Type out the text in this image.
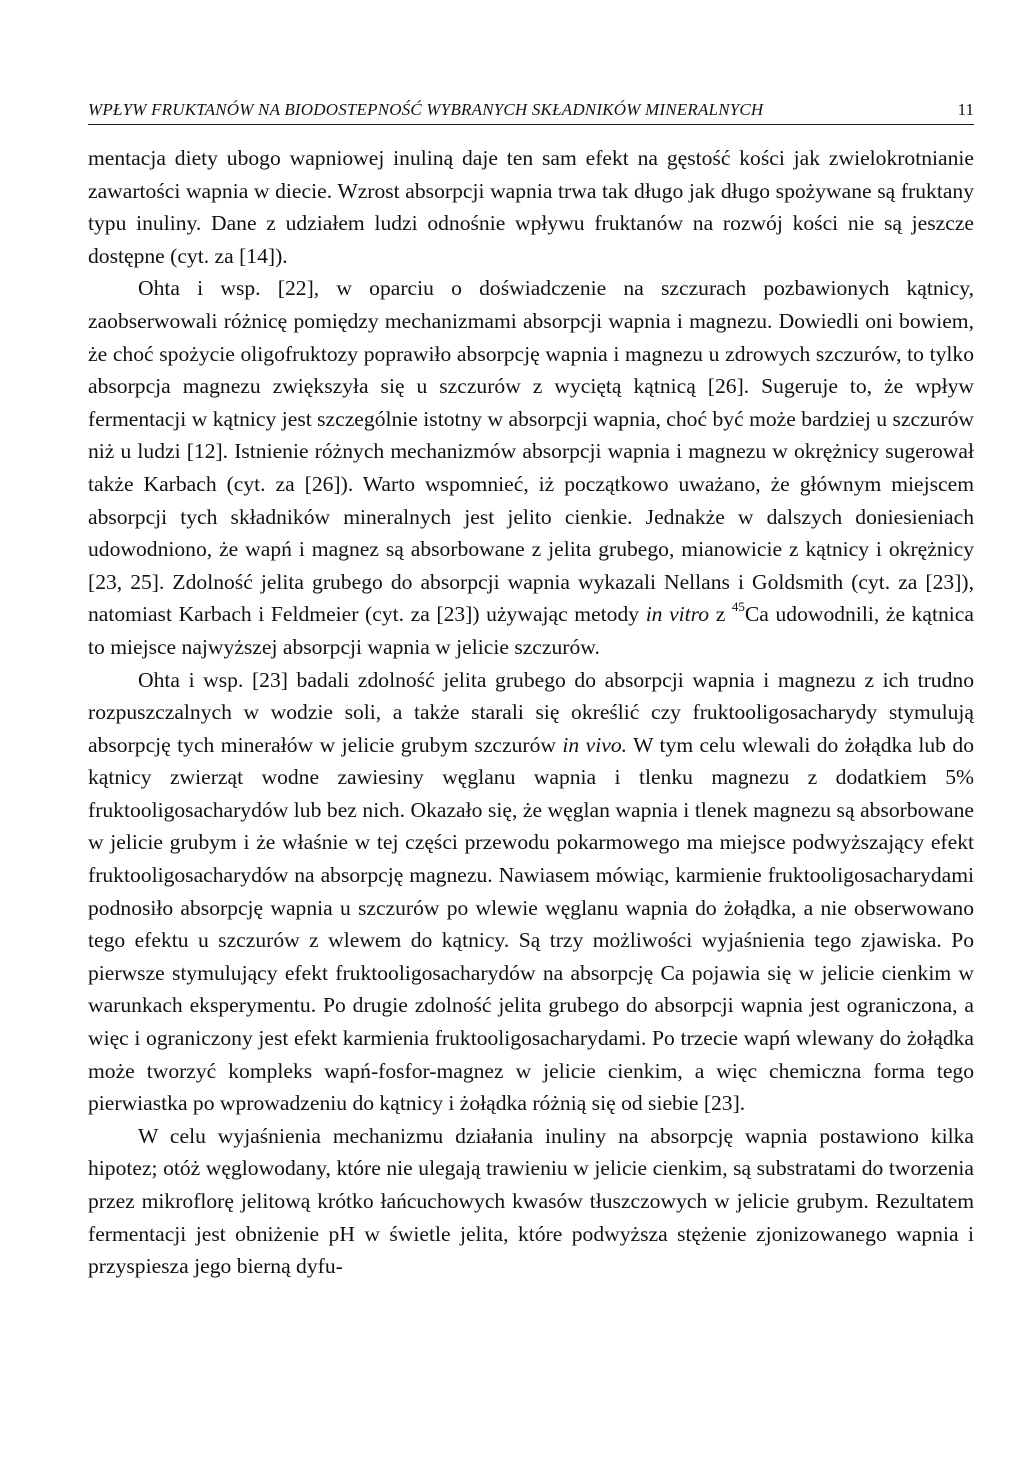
WPŁYW FRUKTANÓW NA BIODOSTEPNOŚĆ WYBRANYCH SKŁADNIKÓW MINERALNYCH	11

mentacja diety ubogo wapniowej inuliną daje ten sam efekt na gęstość kości jak zwielokrotnianie zawartości wapnia w diecie. Wzrost absorpcji wapnia trwa tak długo jak długo spożywane są fruktany typu inuliny. Dane z udziałem ludzi odnośnie wpływu fruktanów na rozwój kości nie są jeszcze dostępne (cyt. za [14]).

Ohta i wsp. [22], w oparciu o doświadczenie na szczurach pozbawionych kątnicy, zaobserwowali różnicę pomiędzy mechanizmami absorpcji wapnia i magnezu. Dowiedli oni bowiem, że choć spożycie oligofruktozy poprawiło absorpcję wapnia i magnezu u zdrowych szczurów, to tylko absorpcja magnezu zwiększyła się u szczurów z wyciętą kątnicą [26]. Sugeruje to, że wpływ fermentacji w kątnicy jest szczególnie istotny w absorpcji wapnia, choć być może bardziej u szczurów niż u ludzi [12]. Istnienie różnych mechanizmów absorpcji wapnia i magnezu w okrężnicy sugerował także Karbach (cyt. za [26]). Warto wspomnieć, iż początkowo uważano, że głównym miejscem absorpcji tych składników mineralnych jest jelito cienkie. Jednakże w dalszych doniesieniach udowodniono, że wapń i magnez są absorbowane z jelita grubego, mianowicie z kątnicy i okrężnicy [23, 25]. Zdolność jelita grubego do absorpcji wapnia wykazali Nellans i Goldsmith (cyt. za [23]), natomiast Karbach i Feldmeier (cyt. za [23]) używając metody in vitro z $^{45}$Ca udowodnili, że kątnica to miejsce najwyższej absorpcji wapnia w jelicie szczurów.

Ohta i wsp. [23] badali zdolność jelita grubego do absorpcji wapnia i magnezu z ich trudno rozpuszczalnych w wodzie soli, a także starali się określić czy fruktooligosacharydy stymulują absorpcję tych minerałów w jelicie grubym szczurów in vivo. W tym celu wlewali do żołądka lub do kątnicy zwierząt wodne zawiesiny węglanu wapnia i tlenku magnezu z dodatkiem 5% fruktooligosacharydów lub bez nich. Okazało się, że węglan wapnia i tlenek magnezu są absorbowane w jelicie grubym i że właśnie w tej części przewodu pokarmowego ma miejsce podwyższający efekt fruktooligosacharydów na absorpcję magnezu. Nawiasem mówiąc, karmienie fruktooligosacharydami podnosiło absorpcję wapnia u szczurów po wlewie węglanu wapnia do żołądka, a nie obserwowano tego efektu u szczurów z wlewem do kątnicy. Są trzy możliwości wyjaśnienia tego zjawiska. Po pierwsze stymulujący efekt fruktooligosacharydów na absorpcję Ca pojawia się w jelicie cienkim w warunkach eksperymentu. Po drugie zdolność jelita grubego do absorpcji wapnia jest ograniczona, a więc i ograniczony jest efekt karmienia fruktooligosacharydami. Po trzecie wapń wlewany do żołądka może tworzyć kompleks wapń-fosfor-magnez w jelicie cienkim, a więc chemiczna forma tego pierwiastka po wprowadzeniu do kątnicy i żołądka różnią się od siebie [23].

W celu wyjaśnienia mechanizmu działania inuliny na absorpcję wapnia postawiono kilka hipotez; otóż węglowodany, które nie ulegają trawieniu w jelicie cienkim, są substratami do tworzenia przez mikroflorę jelitową krótko łańcuchowych kwasów tłuszczowych w jelicie grubym. Rezultatem fermentacji jest obniżenie pH w świetle jelita, które podwyższa stężenie zjonizowanego wapnia i przyspiesza jego bierną dyfu-
